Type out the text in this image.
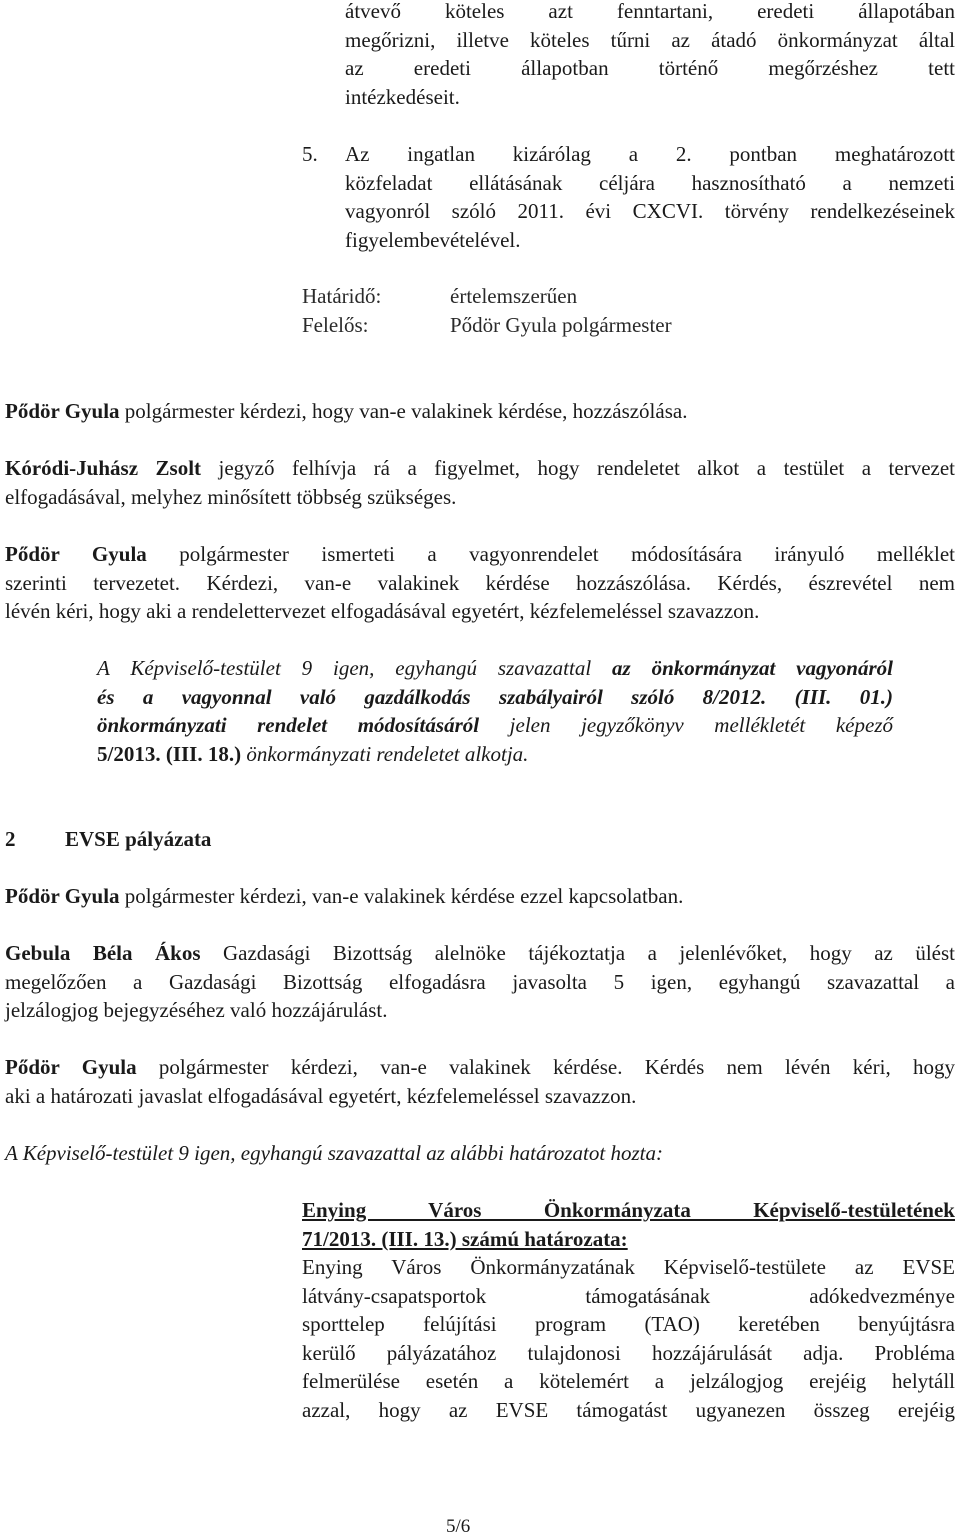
átvevő köteles azt fenntartani, eredeti állapotában
megőrizni, illetve köteles tűrni az átadó önkormányzat által
az eredeti állapotban történő megőrzéshez tett
intézkedéseit.
5. Az ingatlan kizárólag a 2. pontban meghatározott
közfeladat ellátásának céljára hasznosítható a nemzeti
vagyonról szóló 2011. évi CXCVI. törvény rendelkezéseinek
figyelembevételével.
Határidő:	értelemszerűen
Felelős:	Pődör Gyula polgármester
Pődör Gyula polgármester kérdezi, hogy van-e valakinek kérdése, hozzászólása.
Kóródi-Juhász Zsolt jegyző felhívja rá a figyelmet, hogy rendeletet alkot a testület a tervezet
elfogadásával, melyhez minősített többség szükséges.
Pődör Gyula polgármester ismerteti a vagyonrendelet módosítására irányuló melléklet
szerinti tervezetet. Kérdezi, van-e valakinek kérdése hozzászólása. Kérdés, észrevétel nem
lévén kéri, hogy aki a rendelettervezet elfogadásával egyetért, kézfelemeléssel szavazzon.
A Képviselő-testület 9 igen, egyhangú szavazattal az önkormányzat vagyonáról
és a vagyonnal való gazdálkodás szabályairól szóló 8/2012. (III. 01.)
önkormányzati rendelet módosításáról jelen jegyzőkönyv mellékletét képező
5/2013. (III. 18.) önkormányzati rendeletet alkotja.
2 EVSE pályázata
Pődör Gyula polgármester kérdezi, van-e valakinek kérdése ezzel kapcsolatban.
Gebula Béla Ákos Gazdasági Bizottság alelnöke tájékoztatja a jelenlévőket, hogy az ülést
megelőzően a Gazdasági Bizottság elfogadásra javasolta 5 igen, egyhangú szavazattal a
jelzálogjog bejegyzéséhez való hozzájárulást.
Pődör Gyula polgármester kérdezi, van-e valakinek kérdése. Kérdés nem lévén kéri, hogy
aki a határozati javaslat elfogadásával egyetért, kézfelemeléssel szavazzon.
A Képviselő-testület 9 igen, egyhangú szavazattal az alábbi határozatot hozta:
Enying Város Önkormányzata Képviselő-testületének
71/2013. (III. 13.) számú határozata:
Enying Város Önkormányzatának Képviselő-testülete az EVSE
látvány-csapatsportok támogatásának adókedvezménye
sporttelep felújítási program (TAO) keretében benyújtásra
kerülő pályázatához tulajdonosi hozzájárulását adja. Probléma
felmerülése esetén a kötelemért a jelzálogjog erejéig helytáll
azzal, hogy az EVSE támogatást ugyanezen összeg erejéig
5/6
